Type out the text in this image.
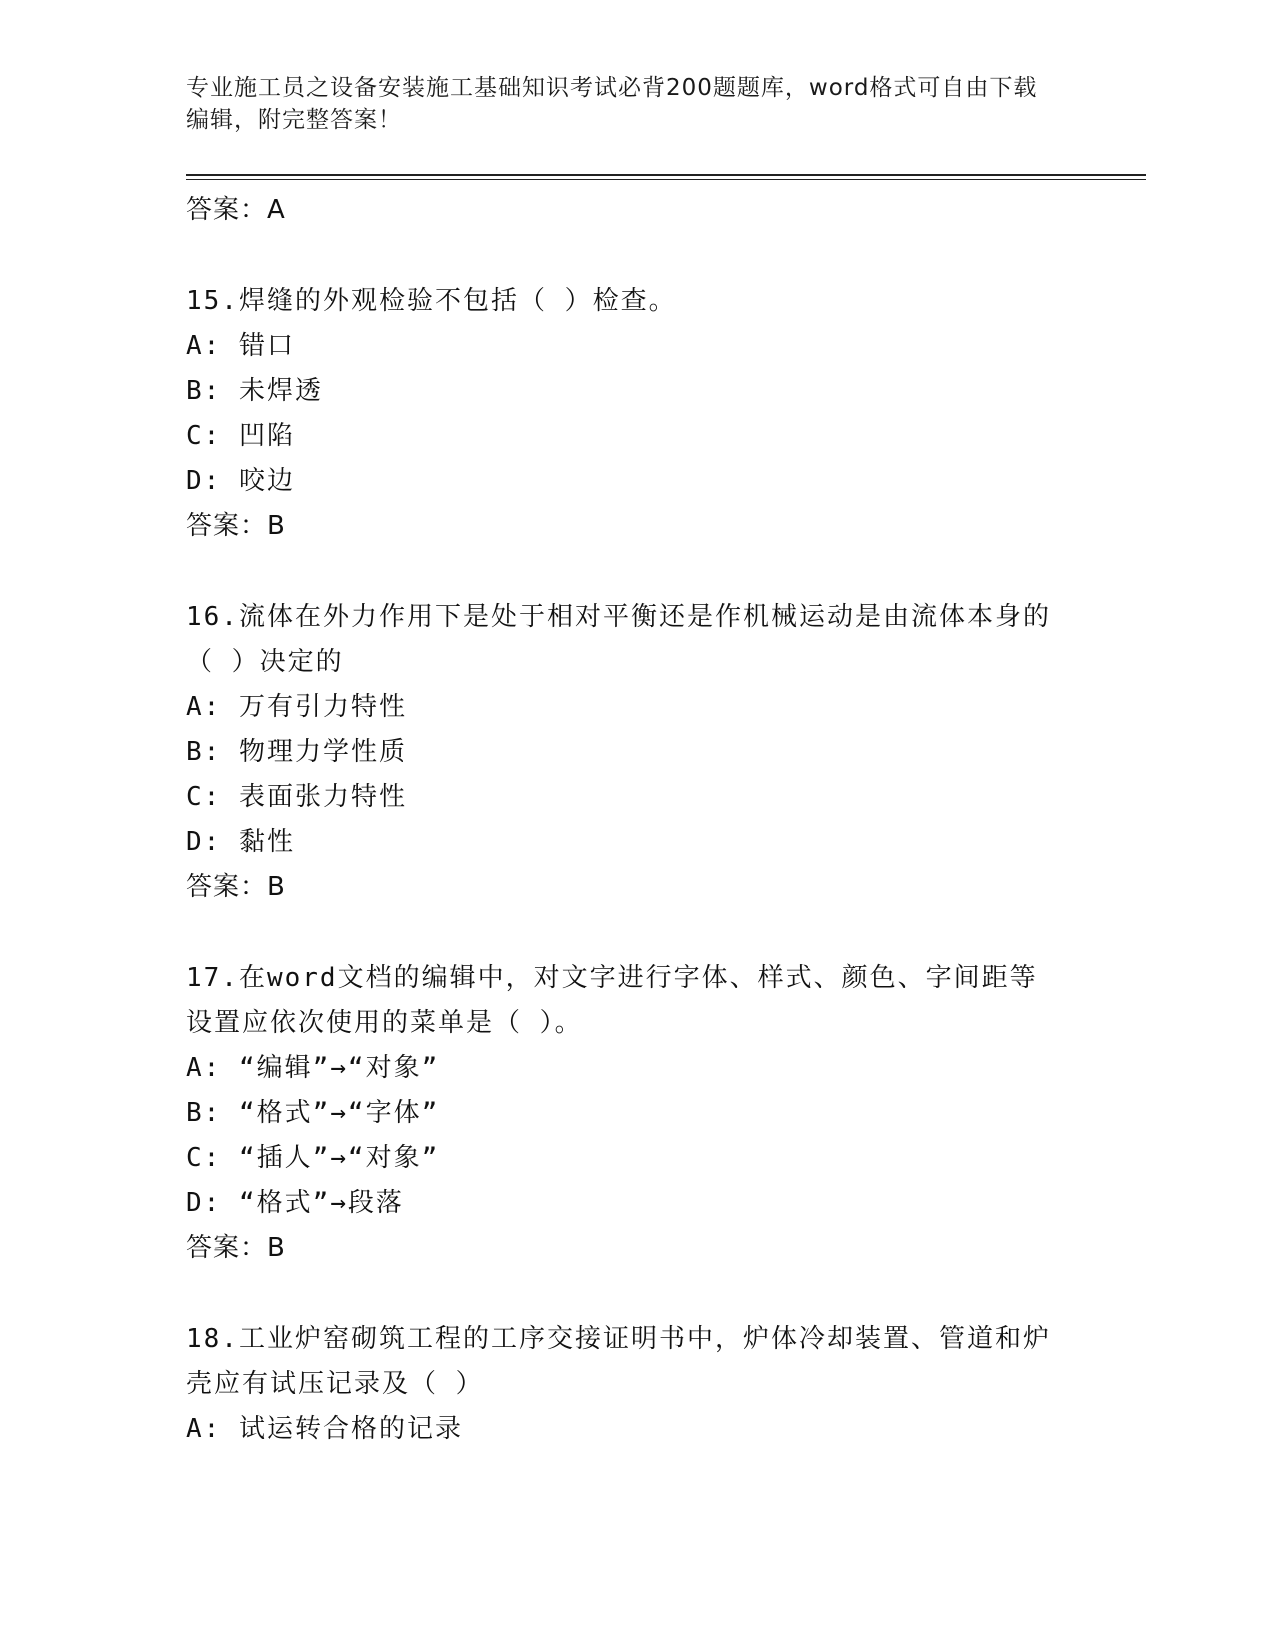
专业施工员之设备安装施工基础知识考试必背200题题库，word格式可自由下载
编辑，附完整答案！
答案：A
15.焊缝的外观检验不包括（ ）检查。
A: 错口
B: 未焊透
C: 凹陷
D: 咬边
答案：B
16.流体在外力作用下是处于相对平衡还是作机械运动是由流体本身的
（ ）决定的
A: 万有引力特性
B: 物理力学性质
C: 表面张力特性
D: 黏性
答案：B
17.在word文档的编辑中，对文字进行字体、样式、颜色、字间距等
设置应依次使用的菜单是（ ）。
A: “编辑”→“对象”
B: “格式”→“字体”
C: “插人”→“对象”
D: “格式”→段落
答案：B
18.工业炉窑砌筑工程的工序交接证明书中，炉体冷却装置、管道和炉
壳应有试压记录及（ ）
A: 试运转合格的记录
